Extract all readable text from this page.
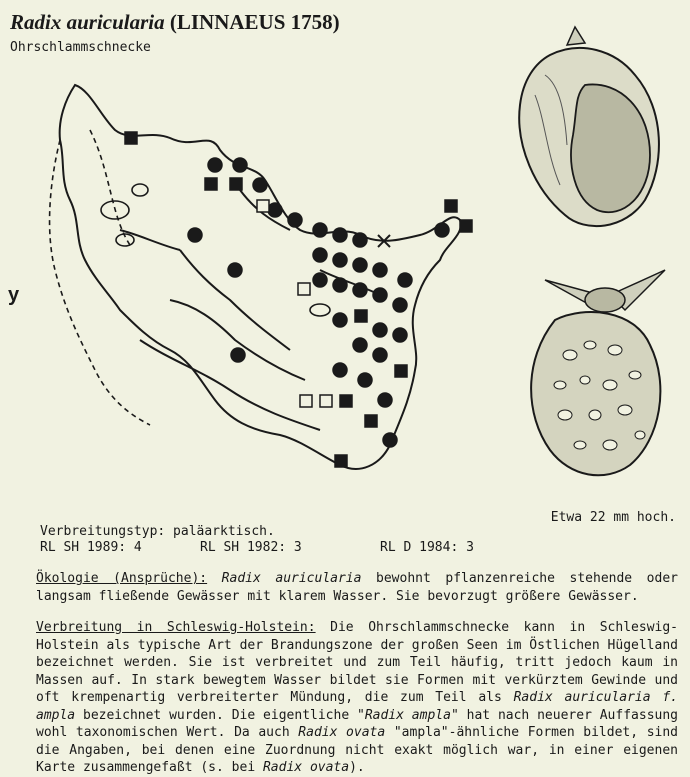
Radix auricularia (LINNAEUS 1758)
Ohrschlammschnecke
y
Etwa 22 mm hoch.
Verbreitungstyp: paläarktisch.
RL SH 1989: 4	RL SH 1982: 3	RL D 1984: 3

Ökologie (Ansprüche): Radix auricularia bewohnt pflanzenreiche stehende oder langsam fließende Gewässer mit klarem Wasser. Sie bevorzugt größere Gewässer.

Verbreitung in Schleswig-Holstein: Die Ohrschlammschnecke kann in Schleswig-Holstein als typische Art der Brandungszone der großen Seen im Östlichen Hügelland bezeichnet werden. Sie ist verbreitet und zum Teil häufig, tritt jedoch kaum in Massen auf. In stark bewegtem Wasser bildet sie Formen mit verkürztem Gewinde und oft krempenartig verbreiterter Mündung, die zum Teil als Radix auricularia f. ampla bezeichnet wurden. Die eigentliche "Radix ampla" hat nach neuerer Auffassung wohl taxonomischen Wert. Da auch Radix ovata "ampla"-ähnliche Formen bildet, sind die Angaben, bei denen eine Zuordnung nicht exakt möglich war, in einer eigenen Karte zusammengefaßt (s. bei Radix ovata).
